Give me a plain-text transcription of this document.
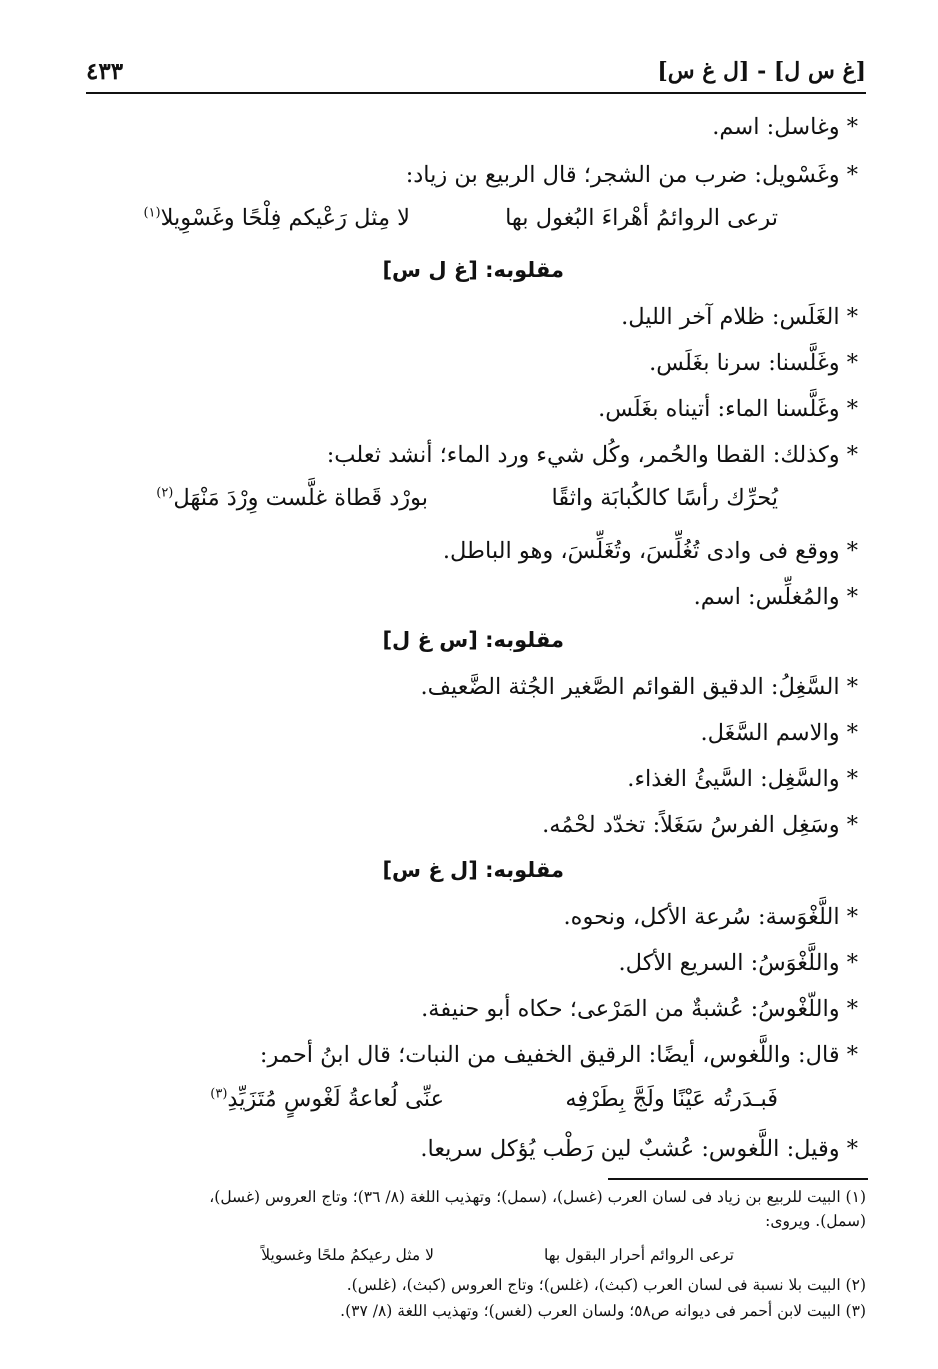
٤٣٣	[غ س ل] - [ل غ س]
* وغاسل: اسم.
* وغَسْويل: ضرب من الشجر؛ قال الربيع بن زياد:
ترعى الروائمُ أهْراءَ البُغول بها
لا مِثل رَعْيكم فِلْحًا وغَسْوِيلا$^{(١)}$
مقلوبه: [غ ل س]
* الغَلَس: ظلام آخر الليل.
* وغَلَّسنا: سرنا بغَلَس.
* وغَلَّسنا الماء: أتيناه بغَلَس.
* وكذلك: القطا والحُمر، وكُل شيء ورد الماء؛ أنشد ثعلب:
يُحرِّك رأسًا كالكُبابَة واثقًا
بورْد قَطاة غلَّست وِرْدَ مَنْهَل$^{(٢)}$
* ووقع فى وادى تُغُلِّسَ، وتُغَلِّسَ، وهو الباطل.
* والمُغلِّس: اسم.
مقلوبه: [س غ ل]
* السَّغِلُ: الدقيق القوائم الصَّغير الجُثة الضَّعيف.
* والاسم السَّغَل.
* والسَّغِل: السَّيئُ الغذاء.
* وسَغِل الفرسُ سَغَلاً: تخدّد لحْمُه.
مقلوبه: [ل غ س]
* اللَّغْوَسة: سُرعة الأكل، ونحوه.
* واللَّغْوَسُ: السريع الأكل.
* واللّغْوسُ: عُشبةٌ من المَرْعى؛ حكاه أبو حنيفة.
* قال: واللَّغوس، أيضًا: الرقيق الخفيف من النبات؛ قال ابنُ أحمر:
فَبـدَرتُه عَيْنًا ولَجَّ بِطَرْفِه
عنِّى لُعاعةُ لَغْوسٍ مُتَزَيِّدِ$^{(٣)}$
* وقيل: اللَّغوس: عُشبٌ لين رَطْب يُؤكل سريعا.
(١) البيت للربيع بن زياد فى لسان العرب (غسل)، (سمل)؛ وتهذيب اللغة (٨/ ٣٦)؛ وتاج العروس (غسل)،
(سمل). ويروى:
ترعى الروائم أحرار البقول بها
لا مثل رعيكمُ ملحًا وغسويلاً
(٢) البيت بلا نسبة فى لسان العرب (كبث)، (غلس)؛ وتاج العروس (كبث)، (غلس).
(٣) البيت لابن أحمر فى ديوانه ص٥٨؛ ولسان العرب (لغس)؛ وتهذيب اللغة (٨/ ٣٧).
